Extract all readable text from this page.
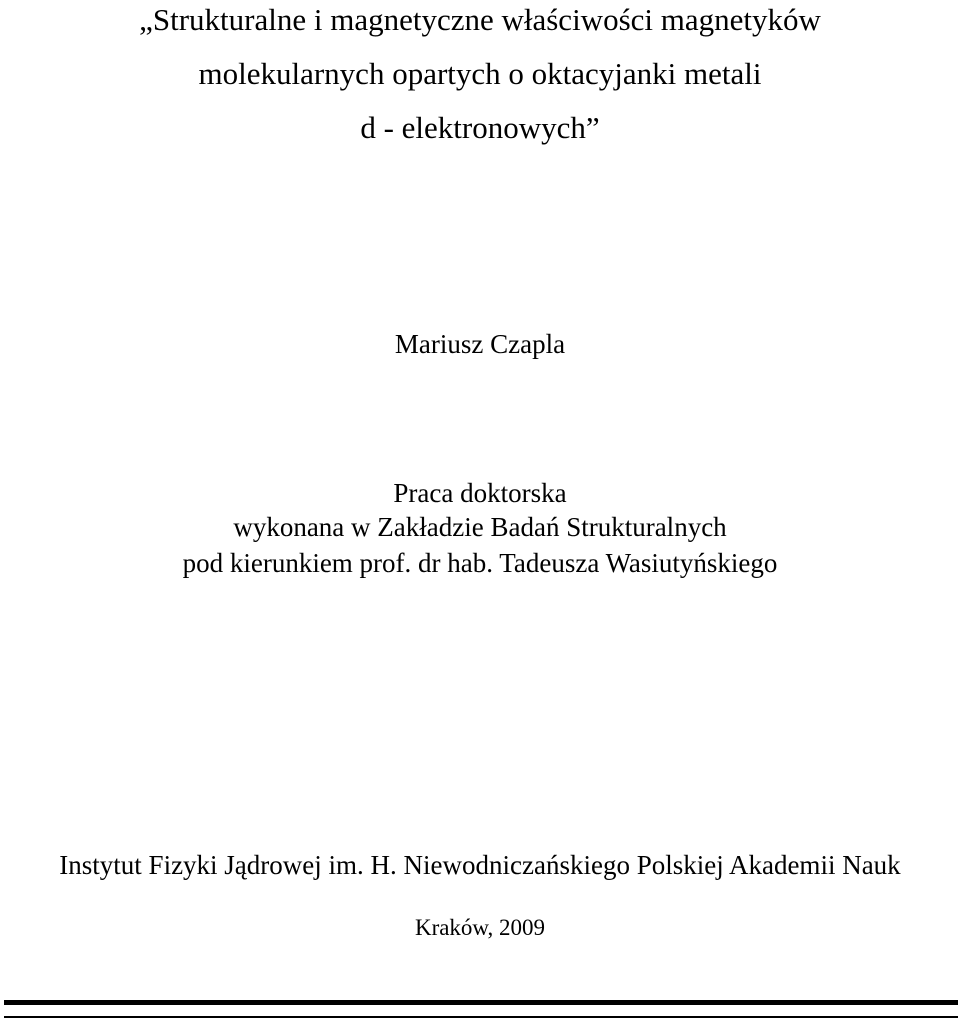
„Strukturalne i magnetyczne właściwości magnetyków
molekularnych opartych o oktacyjanki metali
d - elektronowych”
Mariusz Czapla
Praca doktorska
wykonana w Zakładzie Badań Strukturalnych
pod kierunkiem prof. dr hab. Tadeusza Wasiutyńskiego
Instytut Fizyki Jądrowej im. H. Niewodniczańskiego Polskiej Akademii Nauk
Kraków, 2009
